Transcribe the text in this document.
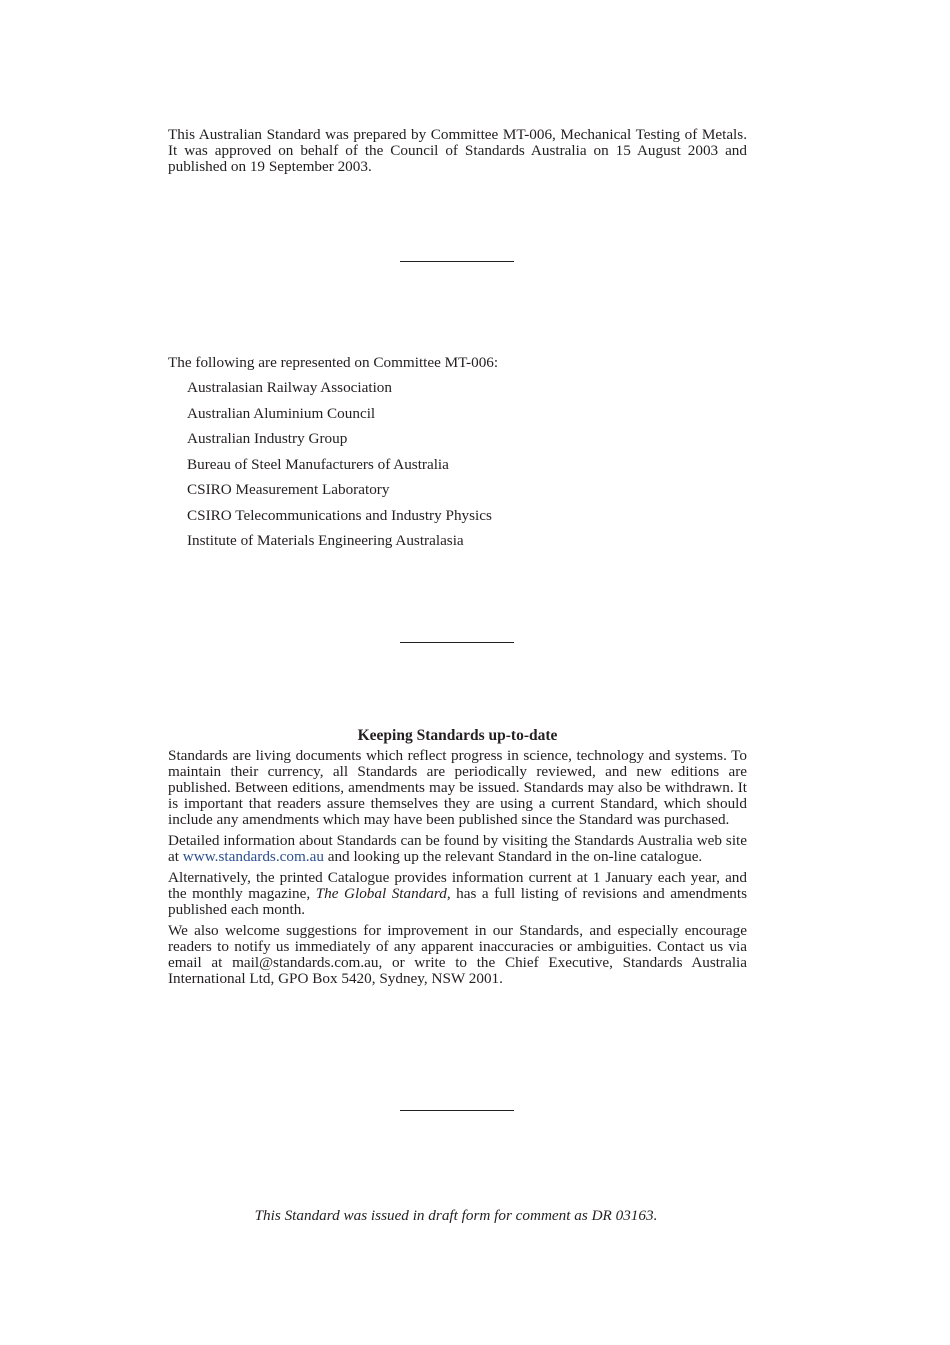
This Australian Standard was prepared by Committee MT-006, Mechanical Testing of Metals. It was approved on behalf of the Council of Standards Australia on 15 August 2003 and published on 19 September 2003.

The following are represented on Committee MT-006:

Australasian Railway Association
Australian Aluminium Council
Australian Industry Group
Bureau of Steel Manufacturers of Australia
CSIRO Measurement Laboratory
CSIRO Telecommunications and Industry Physics
Institute of Materials Engineering Australasia
Keeping Standards up-to-date

Standards are living documents which reflect progress in science, technology and systems. To maintain their currency, all Standards are periodically reviewed, and new editions are published. Between editions, amendments may be issued. Standards may also be withdrawn. It is important that readers assure themselves they are using a current Standard, which should include any amendments which may have been published since the Standard was purchased.

Detailed information about Standards can be found by visiting the Standards Australia web site at www.standards.com.au and looking up the relevant Standard in the on-line catalogue.

Alternatively, the printed Catalogue provides information current at 1 January each year, and the monthly magazine, The Global Standard, has a full listing of revisions and amendments published each month.

We also welcome suggestions for improvement in our Standards, and especially encourage readers to notify us immediately of any apparent inaccuracies or ambiguities. Contact us via email at mail@standards.com.au, or write to the Chief Executive, Standards Australia International Ltd, GPO Box 5420, Sydney, NSW 2001.

This Standard was issued in draft form for comment as DR 03163.
